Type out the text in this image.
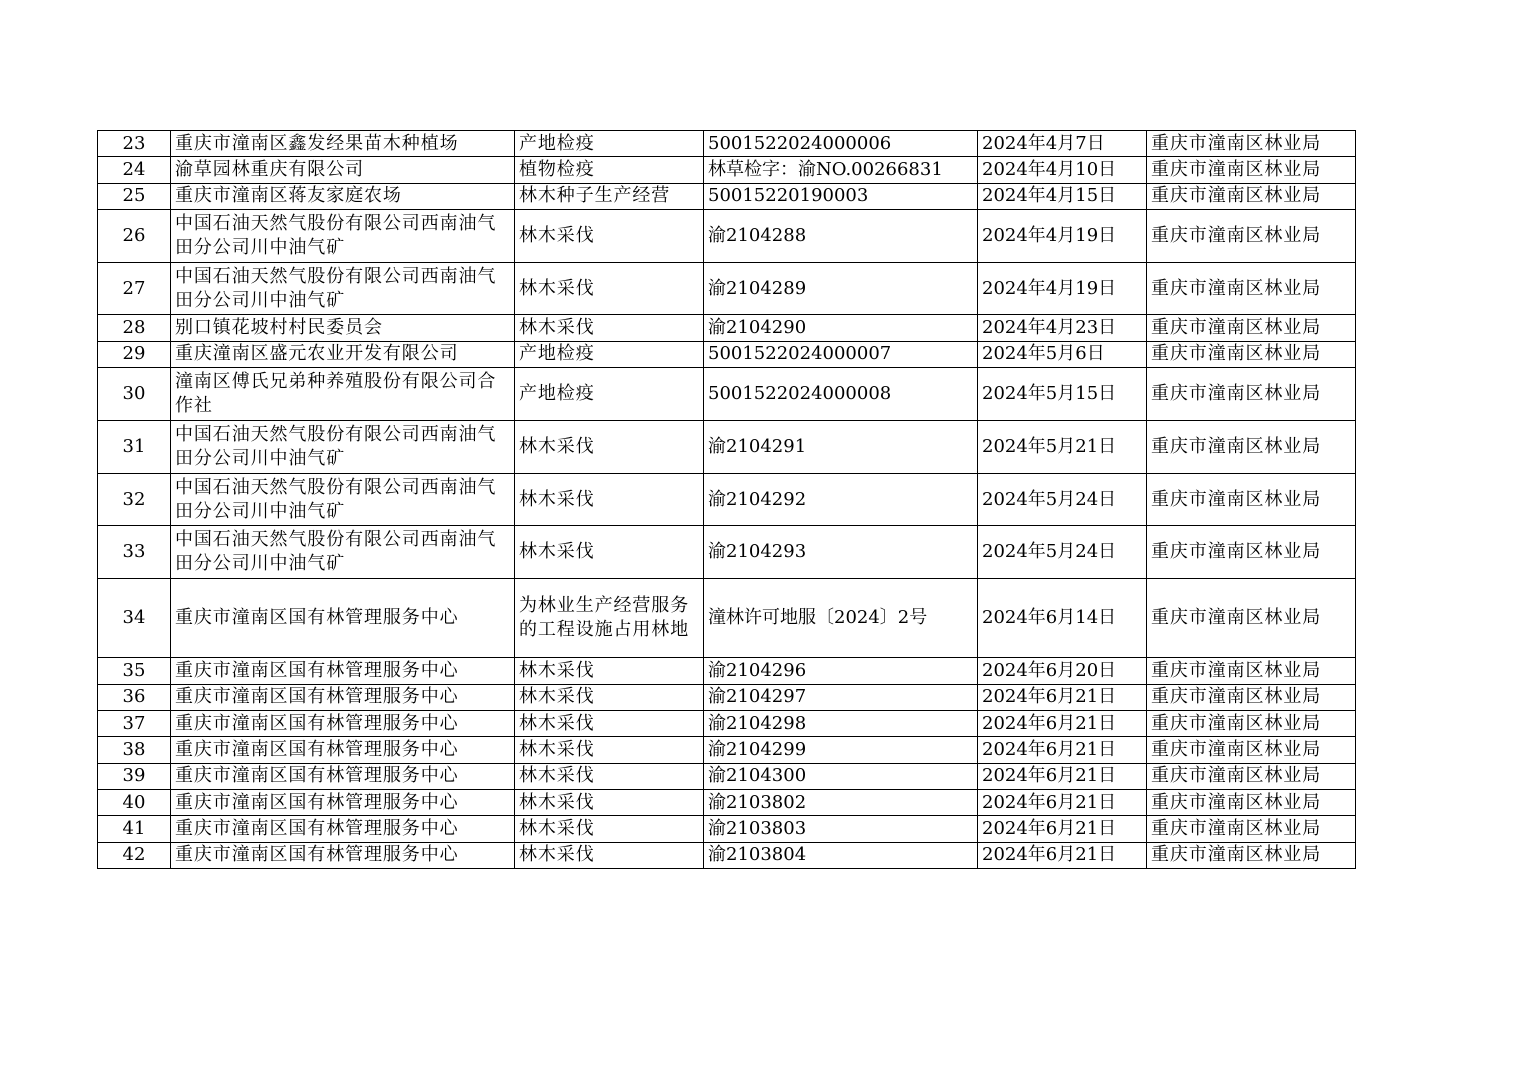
23	重庆市潼南区鑫发经果苗木种植场	产地检疫	5001522024000006	2024年4月7日	重庆市潼南区林业局
24	渝草园林重庆有限公司	植物检疫	林草检字：渝NO.00266831	2024年4月10日	重庆市潼南区林业局
25	重庆市潼南区蒋友家庭农场	林木种子生产经营	50015220190003	2024年4月15日	重庆市潼南区林业局
26	中国石油天然气股份有限公司西南油气田分公司川中油气矿	林木采伐	渝2104288	2024年4月19日	重庆市潼南区林业局
27	中国石油天然气股份有限公司西南油气田分公司川中油气矿	林木采伐	渝2104289	2024年4月19日	重庆市潼南区林业局
28	别口镇花坡村村民委员会	林木采伐	渝2104290	2024年4月23日	重庆市潼南区林业局
29	重庆潼南区盛元农业开发有限公司	产地检疫	5001522024000007	2024年5月6日	重庆市潼南区林业局
30	潼南区傅氏兄弟种养殖股份有限公司合作社	产地检疫	5001522024000008	2024年5月15日	重庆市潼南区林业局
31	中国石油天然气股份有限公司西南油气田分公司川中油气矿	林木采伐	渝2104291	2024年5月21日	重庆市潼南区林业局
32	中国石油天然气股份有限公司西南油气田分公司川中油气矿	林木采伐	渝2104292	2024年5月24日	重庆市潼南区林业局
33	中国石油天然气股份有限公司西南油气田分公司川中油气矿	林木采伐	渝2104293	2024年5月24日	重庆市潼南区林业局
34	重庆市潼南区国有林管理服务中心	为林业生产经营服务的工程设施占用林地	潼林许可地服〔2024〕2号	2024年6月14日	重庆市潼南区林业局
35	重庆市潼南区国有林管理服务中心	林木采伐	渝2104296	2024年6月20日	重庆市潼南区林业局
36	重庆市潼南区国有林管理服务中心	林木采伐	渝2104297	2024年6月21日	重庆市潼南区林业局
37	重庆市潼南区国有林管理服务中心	林木采伐	渝2104298	2024年6月21日	重庆市潼南区林业局
38	重庆市潼南区国有林管理服务中心	林木采伐	渝2104299	2024年6月21日	重庆市潼南区林业局
39	重庆市潼南区国有林管理服务中心	林木采伐	渝2104300	2024年6月21日	重庆市潼南区林业局
40	重庆市潼南区国有林管理服务中心	林木采伐	渝2103802	2024年6月21日	重庆市潼南区林业局
41	重庆市潼南区国有林管理服务中心	林木采伐	渝2103803	2024年6月21日	重庆市潼南区林业局
42	重庆市潼南区国有林管理服务中心	林木采伐	渝2103804	2024年6月21日	重庆市潼南区林业局
